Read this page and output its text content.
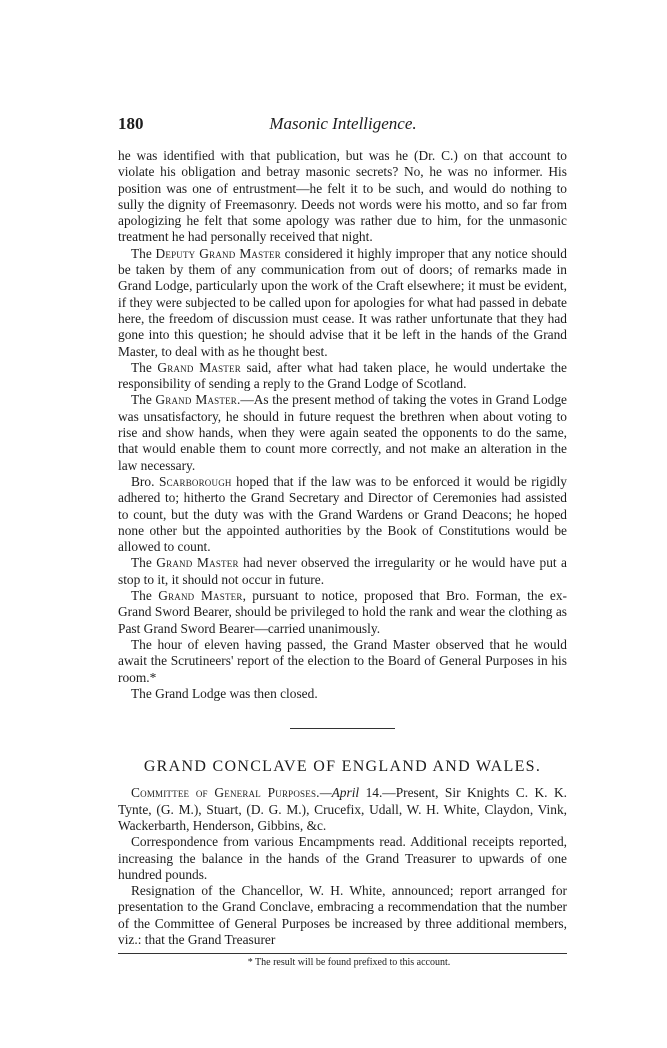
180	Masonic Intelligence.

he was identified with that publication, but was he (Dr. C.) on that account to violate his obligation and betray masonic secrets? No, he was no informer. His position was one of entrustment—he felt it to be such, and would do nothing to sully the dignity of Freemasonry. Deeds not words were his motto, and so far from apologizing he felt that some apology was rather due to him, for the unmasonic treatment he had personally received that night.

The Deputy Grand Master considered it highly improper that any notice should be taken by them of any communication from out of doors; of remarks made in Grand Lodge, particularly upon the work of the Craft elsewhere; it must be evident, if they were subjected to be called upon for apologies for what had passed in debate here, the freedom of discussion must cease. It was rather unfortunate that they had gone into this question; he should advise that it be left in the hands of the Grand Master, to deal with as he thought best.

The Grand Master said, after what had taken place, he would undertake the responsibility of sending a reply to the Grand Lodge of Scotland.

The Grand Master.—As the present method of taking the votes in Grand Lodge was unsatisfactory, he should in future request the brethren when about voting to rise and show hands, when they were again seated the opponents to do the same, that would enable them to count more correctly, and not make an alteration in the law necessary.

Bro. Scarborough hoped that if the law was to be enforced it would be rigidly adhered to; hitherto the Grand Secretary and Director of Ceremonies had assisted to count, but the duty was with the Grand Wardens or Grand Deacons; he hoped none other but the appointed authorities by the Book of Constitutions would be allowed to count.

The Grand Master had never observed the irregularity or he would have put a stop to it, it should not occur in future.

The Grand Master, pursuant to notice, proposed that Bro. Forman, the ex-Grand Sword Bearer, should be privileged to hold the rank and wear the clothing as Past Grand Sword Bearer—carried unanimously.

The hour of eleven having passed, the Grand Master observed that he would await the Scrutineers' report of the election to the Board of General Purposes in his room.*

The Grand Lodge was then closed.

GRAND CONCLAVE OF ENGLAND AND WALES.

Committee of General Purposes.—April 14.—Present, Sir Knights C. K. K. Tynte, (G. M.), Stuart, (D. G. M.), Crucefix, Udall, W. H. White, Claydon, Vink, Wackerbarth, Henderson, Gibbins, &c.

Correspondence from various Encampments read. Additional receipts reported, increasing the balance in the hands of the Grand Treasurer to upwards of one hundred pounds.

Resignation of the Chancellor, W. H. White, announced; report arranged for presentation to the Grand Conclave, embracing a recommendation that the number of the Committee of General Purposes be increased by three additional members, viz.: that the Grand Treasurer

* The result will be found prefixed to this account.
